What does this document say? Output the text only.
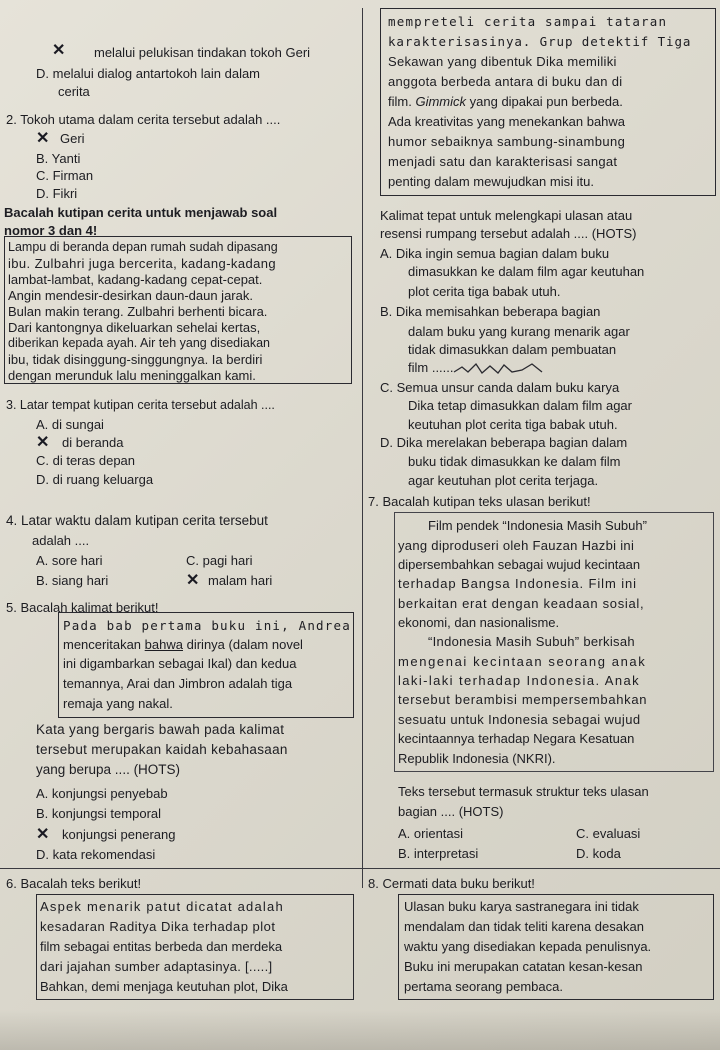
✕ melalui pelukisan tindakan tokoh Geri
D. melalui dialog antartokoh lain dalam
cerita
2. Tokoh utama dalam cerita tersebut adalah ....
✕ Geri
B. Yanti
C. Firman
D. Fikri
Bacalah kutipan cerita untuk menjawab soal
nomor 3 dan 4!
Lampu di beranda depan rumah sudah dipasang
ibu. Zulbahri juga bercerita, kadang-kadang
lambat-lambat, kadang-kadang cepat-cepat.
Angin mendesir-desirkan daun-daun jarak.
Bulan makin terang. Zulbahri berhenti bicara.
Dari kantongnya dikeluarkan sehelai kertas,
diberikan kepada ayah. Air teh yang disediakan
ibu, tidak disinggung-singgungnya. Ia berdiri
dengan merunduk lalu meninggalkan kami.
3. Latar tempat kutipan cerita tersebut adalah ....
A. di sungai
✕ di beranda
C. di teras depan
D. di ruang keluarga
4. Latar waktu dalam kutipan cerita tersebut
adalah ....
A. sore hari	C. pagi hari
B. siang hari	✕ malam hari
5. Bacalah kalimat berikut!
Pada bab pertama buku ini, Andrea
menceritakan bahwa dirinya (dalam novel
ini digambarkan sebagai Ikal) dan kedua
temannya, Arai dan Jimbron adalah tiga
remaja yang nakal.
Kata yang bergaris bawah pada kalimat
tersebut merupakan kaidah kebahasaan
yang berupa .... (HOTS)
A. konjungsi penyebab
B. konjungsi temporal
✕ konjungsi penerang
D. kata rekomendasi
6. Bacalah teks berikut!
Aspek menarik patut dicatat adalah
kesadaran Raditya Dika terhadap plot
film sebagai entitas berbeda dan merdeka
dari jajahan sumber adaptasinya. [.....]
Bahkan, demi menjaga keutuhan plot, Dika
mempreteli cerita sampai tataran
karakterisasinya. Grup detektif Tiga
Sekawan yang dibentuk Dika memiliki
anggota berbeda antara di buku dan di
film. Gimmick yang dipakai pun berbeda.
Ada kreativitas yang menekankan bahwa
humor sebaiknya sambung-sinambung
menjadi satu dan karakterisasi sangat
penting dalam mewujudkan misi itu.
Kalimat tepat untuk melengkapi ulasan atau
resensi rumpang tersebut adalah .... (HOTS)
A. Dika ingin semua bagian dalam buku
dimasukkan ke dalam film agar keutuhan
plot cerita tiga babak utuh.
B. Dika memisahkan beberapa bagian
dalam buku yang kurang menarik agar
tidak dimasukkan dalam pembuatan
film ......
C. Semua unsur canda dalam buku karya
Dika tetap dimasukkan dalam film agar
keutuhan plot cerita tiga babak utuh.
D. Dika merelakan beberapa bagian dalam
buku tidak dimasukkan ke dalam film
agar keutuhan plot cerita terjaga.
7. Bacalah kutipan teks ulasan berikut!
Film pendek “Indonesia Masih Subuh”
yang diproduseri oleh Fauzan Hazbi ini
dipersembahkan sebagai wujud kecintaan
terhadap Bangsa Indonesia. Film ini
berkaitan erat dengan keadaan sosial,
ekonomi, dan nasionalisme.
“Indonesia Masih Subuh” berkisah
mengenai kecintaan seorang anak
laki-laki terhadap Indonesia. Anak
tersebut berambisi mempersembahkan
sesuatu untuk Indonesia sebagai wujud
kecintaannya terhadap Negara Kesatuan
Republik Indonesia (NKRI).
Teks tersebut termasuk struktur teks ulasan
bagian .... (HOTS)
A. orientasi	C. evaluasi
B. interpretasi	D. koda
8. Cermati data buku berikut!
Ulasan buku karya sastranegara ini tidak
mendalam dan tidak teliti karena desakan
waktu yang disediakan kepada penulisnya.
Buku ini merupakan catatan kesan-kesan
pertama seorang pembaca.
